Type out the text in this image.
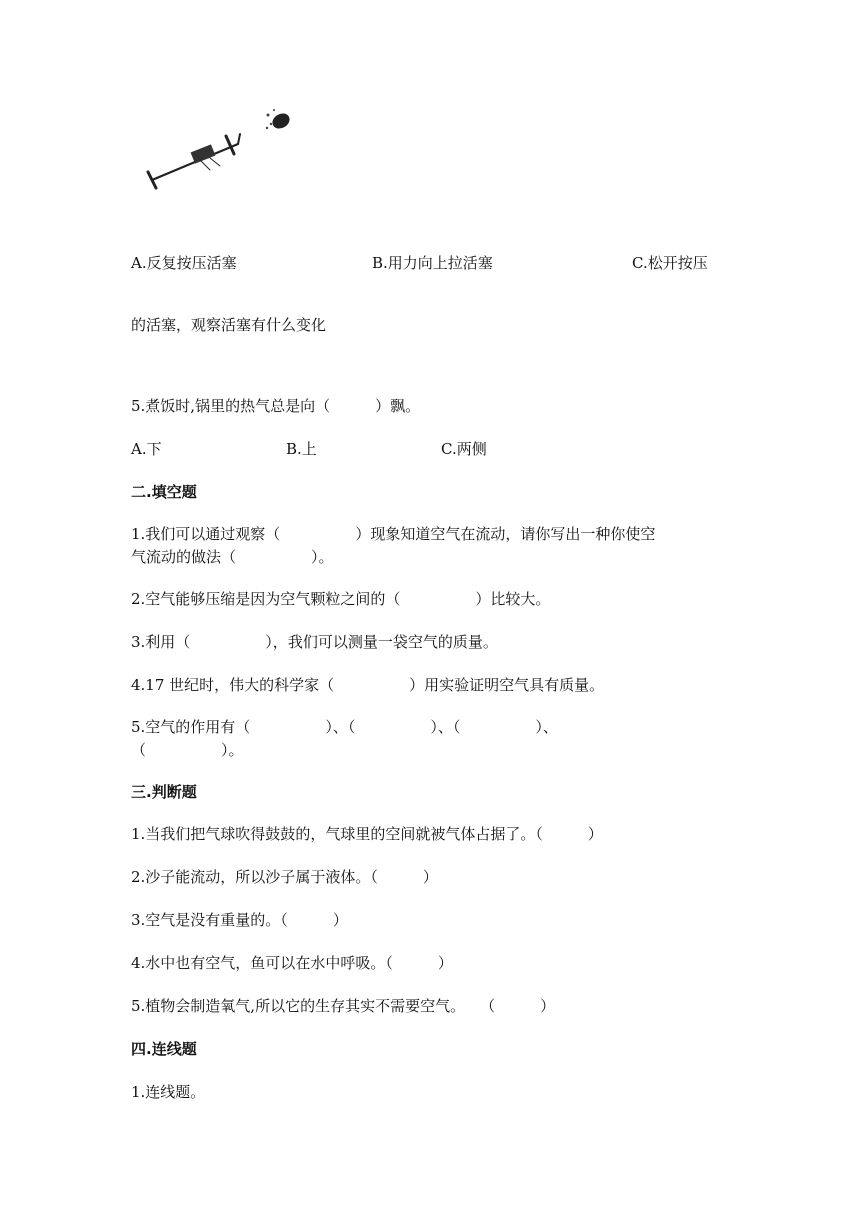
A.反复按压活塞	B.用力向上拉活塞	C.松开按压
的活塞，观察活塞有什么变化
5.煮饭时,锅里的热气总是向（　　　）飘。
A.下	B.上	C.两侧
二.填空题
1.我们可以通过观察（　　　　　）现象知道空气在流动，请你写出一种你使空
气流动的做法（　　　　　）。
2.空气能够压缩是因为空气颗粒之间的（　　　　　）比较大。
3.利用（　　　　　），我们可以测量一袋空气的质量。
4.17 世纪时，伟大的科学家（　　　　　）用实验证明空气具有质量。
5.空气的作用有（　　　　　）、（　　　　　）、（　　　　　）、
（　　　　　）。
三.判断题
1.当我们把气球吹得鼓鼓的，气球里的空间就被气体占据了。（　　　）
2.沙子能流动，所以沙子属于液体。（　　　）
3.空气是没有重量的。（　　　）
4.水中也有空气，鱼可以在水中呼吸。（　　　）
5.植物会制造氧气,所以它的生存其实不需要空气。　　（　　　）
四.连线题
1.连线题。
